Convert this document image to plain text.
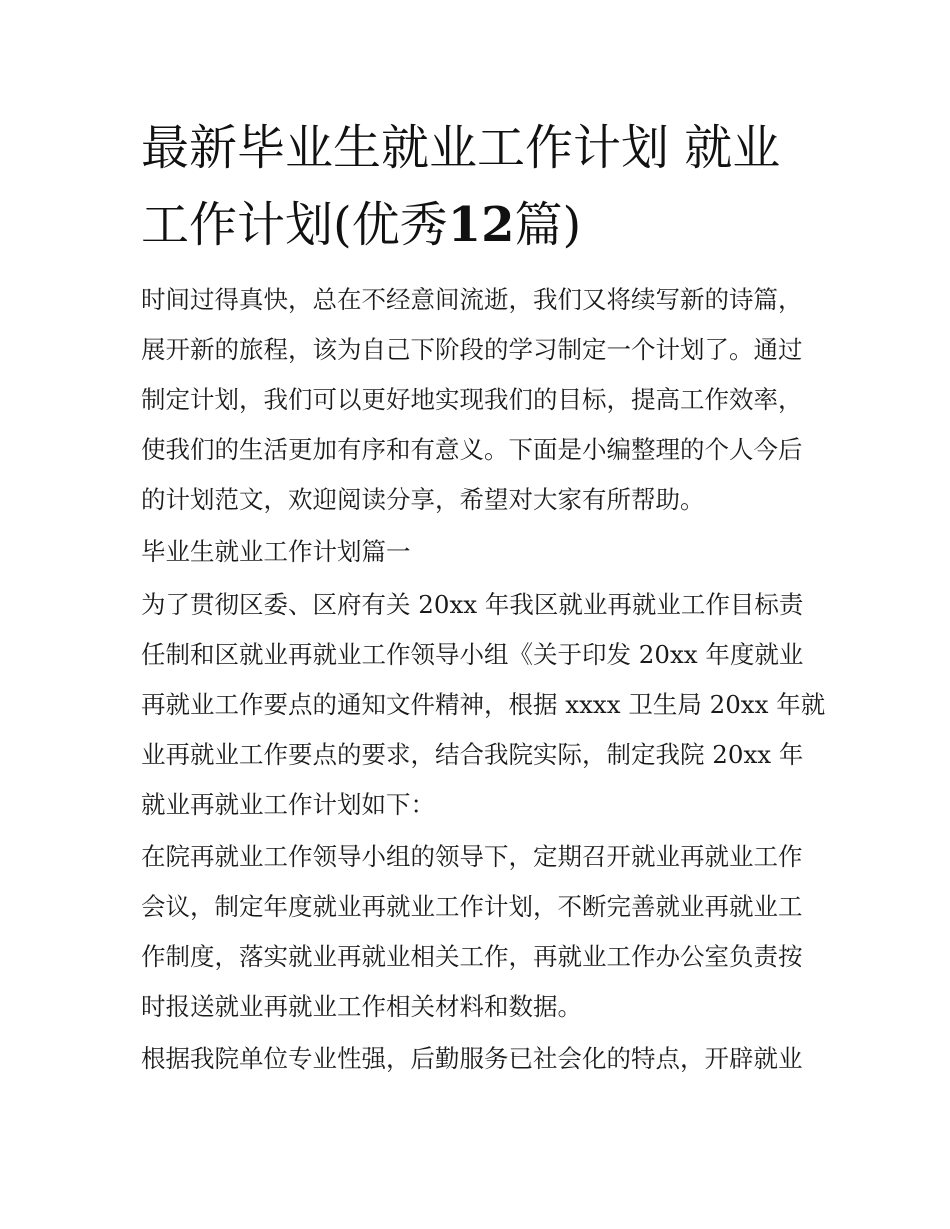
最新毕业生就业工作计划 就业
工作计划(优秀12篇)
时间过得真快，总在不经意间流逝，我们又将续写新的诗篇，
展开新的旅程，该为自己下阶段的学习制定一个计划了。通过
制定计划，我们可以更好地实现我们的目标，提高工作效率，
使我们的生活更加有序和有意义。下面是小编整理的个人今后
的计划范文，欢迎阅读分享，希望对大家有所帮助。
毕业生就业工作计划篇一
为了贯彻区委、区府有关 20xx 年我区就业再就业工作目标责
任制和区就业再就业工作领导小组《关于印发 20xx 年度就业
再就业工作要点的通知文件精神，根据 xxxx 卫生局 20xx 年就
业再就业工作要点的要求，结合我院实际，制定我院 20xx 年
就业再就业工作计划如下：
在院再就业工作领导小组的领导下，定期召开就业再就业工作
会议，制定年度就业再就业工作计划，不断完善就业再就业工
作制度，落实就业再就业相关工作，再就业工作办公室负责按
时报送就业再就业工作相关材料和数据。
根据我院单位专业性强，后勤服务已社会化的特点，开辟就业
